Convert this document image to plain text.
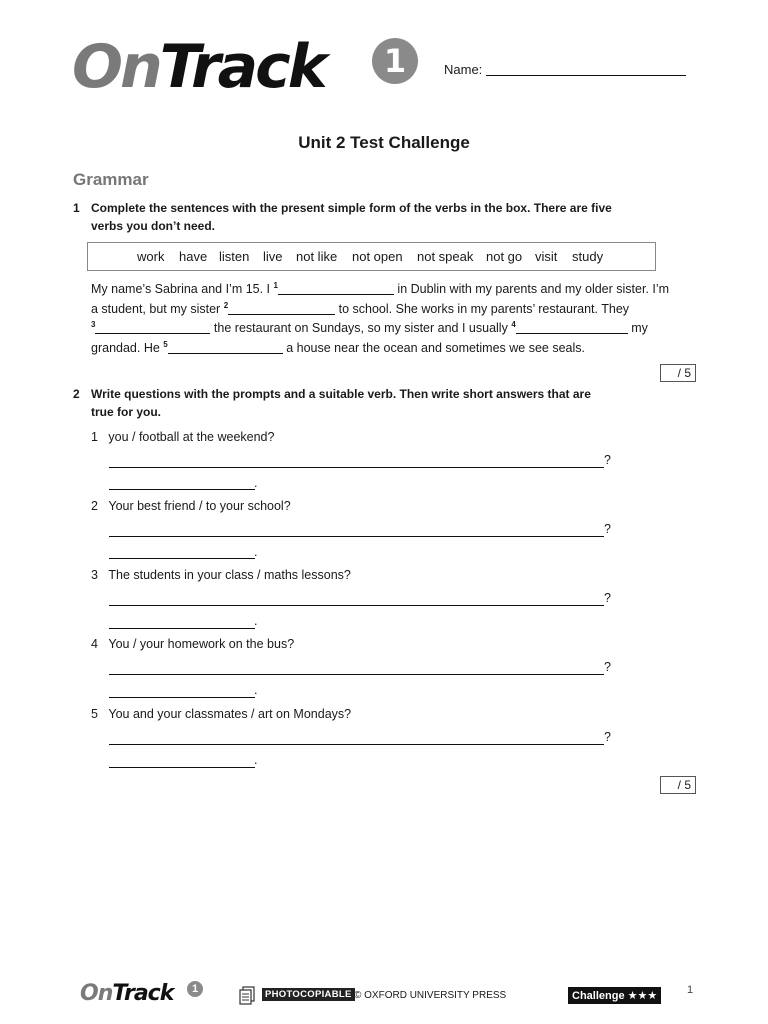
OnTrack	1	Name:
Unit 2 Test Challenge
Grammar
1 Complete the sentences with the present simple form of the verbs in the box. There are five
verbs you don’t need.
work have listen live not like not open not speak not go visit study
My name’s Sabrina and I’m 15. I $^1$	in Dublin with my parents and my older sister. I’m
a student, but my sister $^2$	to school. She works in my parents’ restaurant. They
$^3$	the restaurant on Sundays, so my sister and I usually $^4$	my
grandad. He $^5$	a house near the ocean and sometimes we see seals.
/ 5
2 Write questions with the prompts and a suitable verb. Then write short answers that are
true for you.
1 you / football at the weekend?
?
.
2 Your best friend / to your school?
?
.
3 The students in your class / maths lessons?
?
.
4 You / your homework on the bus?
?
.
5 You and your classmates / art on Mondays?
?
.
/ 5
OnTrack	1	PHOTOCOPIABLE © OXFORD UNIVERSITY PRESS	Challenge ★★★	1
